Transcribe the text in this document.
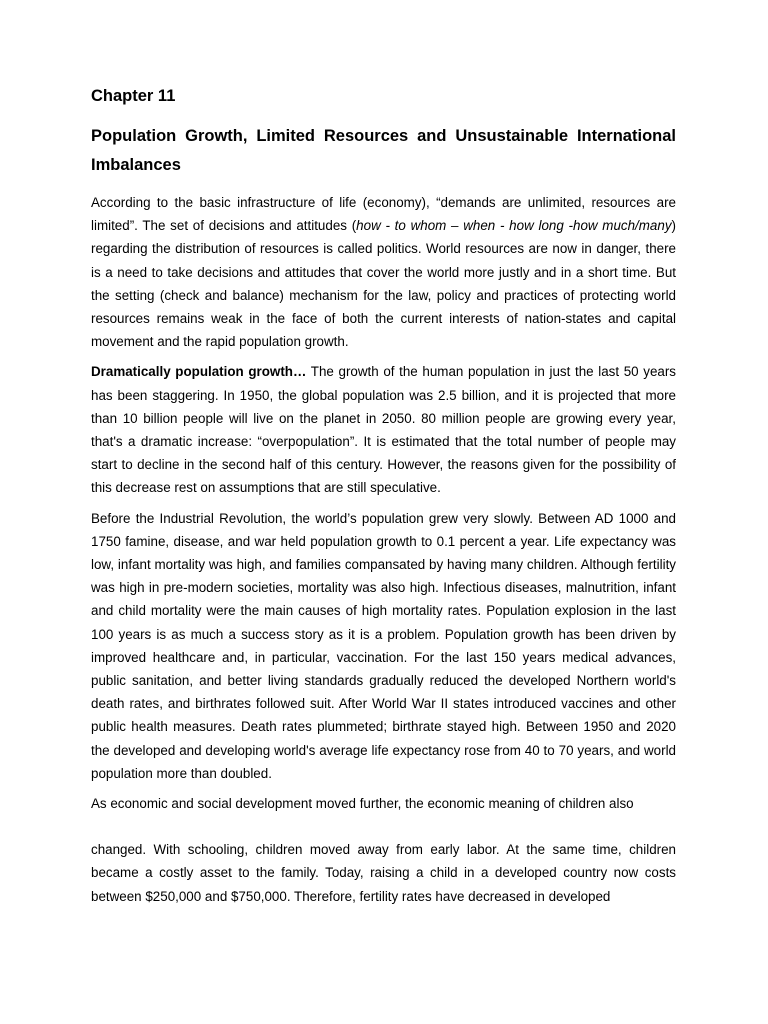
Chapter 11
Population Growth, Limited Resources and Unsustainable International Imbalances

According to the basic infrastructure of life (economy), “demands are unlimited, resources are limited”. The set of decisions and attitudes (how - to whom – when - how long -how much/many) regarding the distribution of resources is called politics. World resources are now in danger, there is a need to take decisions and attitudes that cover the world more justly and in a short time. But the setting (check and balance) mechanism for the law, policy and practices of protecting world resources remains weak in the face of both the current interests of nation-states and capital movement and the rapid population growth.

Dramatically population growth… The growth of the human population in just the last 50 years has been staggering. In 1950, the global population was 2.5 billion, and it is projected that more than 10 billion people will live on the planet in 2050. 80 million people are growing every year, that's a dramatic increase: “overpopulation”. It is estimated that the total number of people may start to decline in the second half of this century. However, the reasons given for the possibility of this decrease rest on assumptions that are still speculative.

Before the Industrial Revolution, the world’s population grew very slowly. Between AD 1000 and 1750 famine, disease, and war held population growth to 0.1 percent a year. Life expectancy was low, infant mortality was high, and families compansated by having many children. Although fertility was high in pre-modern societies, mortality was also high. Infectious diseases, malnutrition, infant and child mortality were the main causes of high mortality rates. Population explosion in the last 100 years is as much a success story as it is a problem. Population growth has been driven by improved healthcare and, in particular, vaccination. For the last 150 years medical advances, public sanitation, and better living standards gradually reduced the developed Northern world's death rates, and birthrates followed suit. After World War II states introduced vaccines and other public health measures. Death rates plummeted; birthrate stayed high. Between 1950 and 2020 the developed and developing world's average life expectancy rose from 40 to 70 years, and world population more than doubled.

As economic and social development moved further, the economic meaning of children also

changed. With schooling, children moved away from early labor. At the same time, children became a costly asset to the family. Today, raising a child in a developed country now costs between $250,000 and $750,000. Therefore, fertility rates have decreased in developed
